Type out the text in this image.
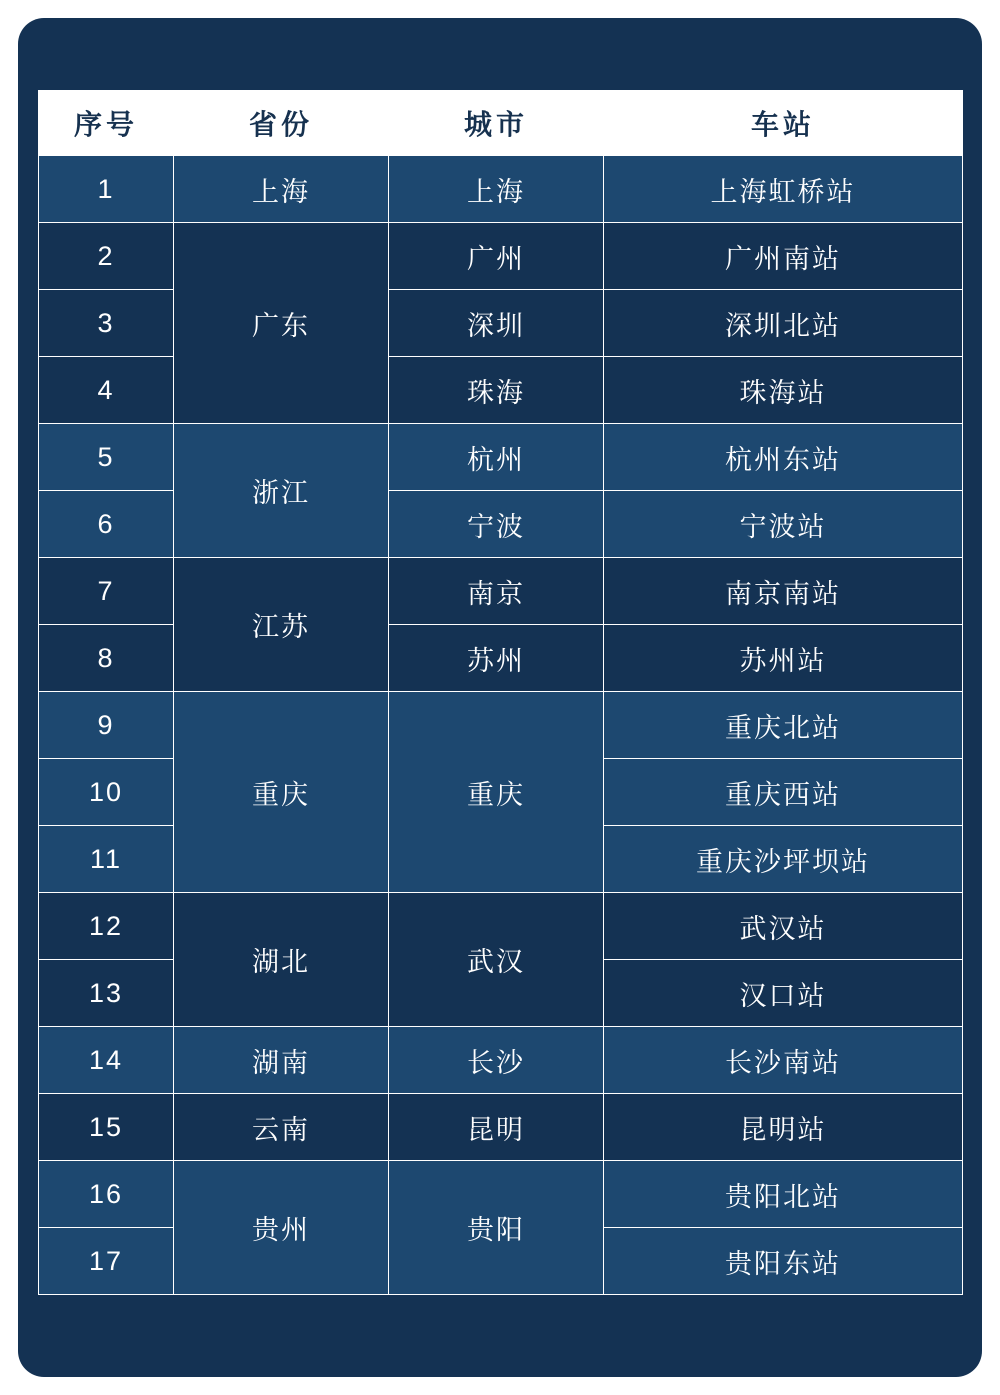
序号	省份	城市	车站
1	上海	上海	上海虹桥站
2	广东	广州	广州南站
3		深圳	深圳北站
4		珠海	珠海站
5	浙江	杭州	杭州东站
6		宁波	宁波站
7	江苏	南京	南京南站
8		苏州	苏州站
9	重庆	重庆	重庆北站
10			重庆西站
11			重庆沙坪坝站
12	湖北	武汉	武汉站
13			汉口站
14	湖南	长沙	长沙南站
15	云南	昆明	昆明站
16	贵州	贵阳	贵阳北站
17			贵阳东站
